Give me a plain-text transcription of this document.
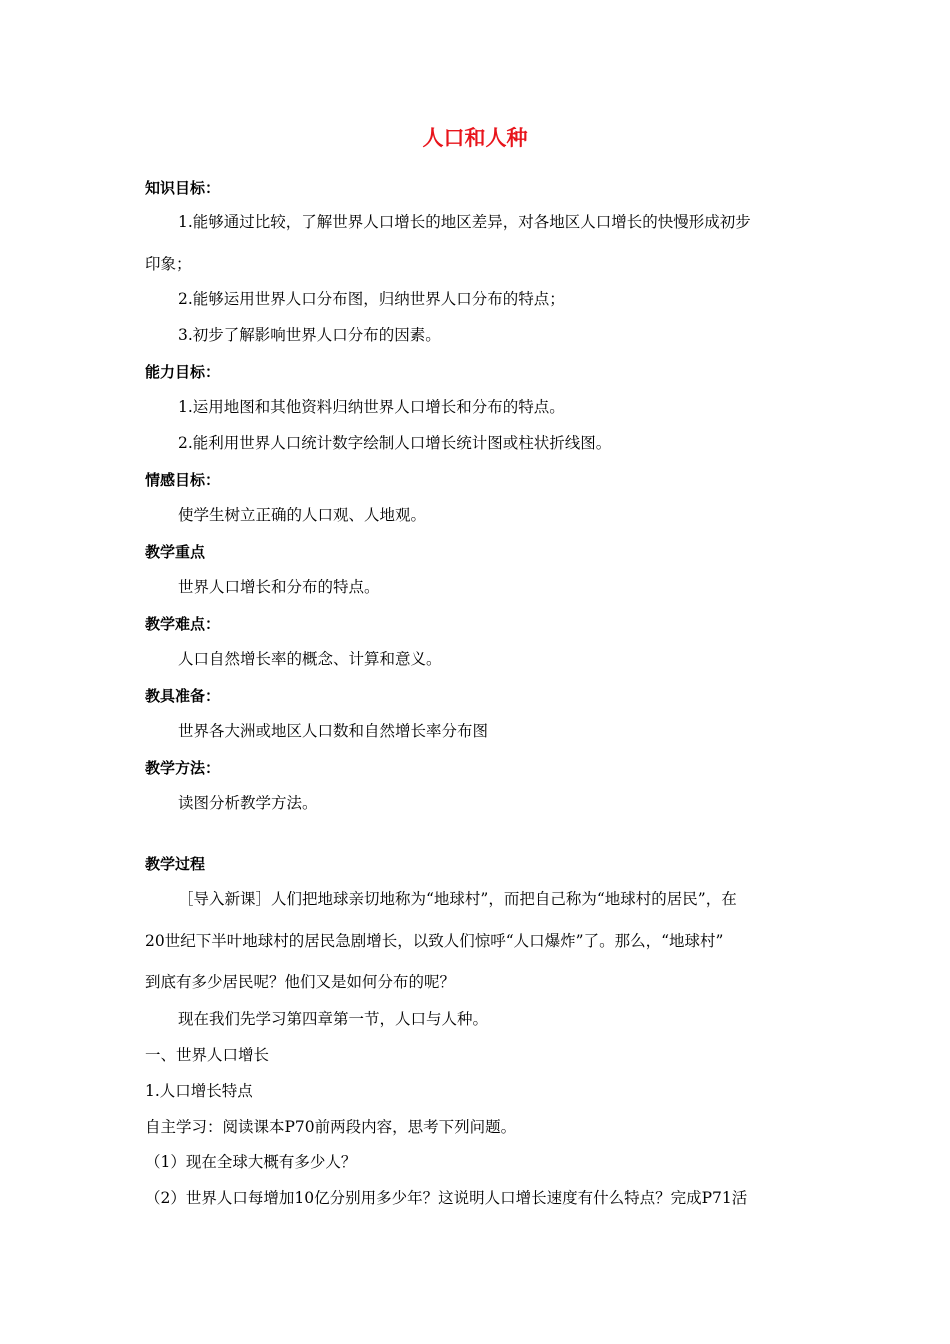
人口和人种
知识目标：
1.能够通过比较，了解世界人口增长的地区差异，对各地区人口增长的快慢形成初步
印象；
2.能够运用世界人口分布图，归纳世界人口分布的特点；
3.初步了解影响世界人口分布的因素。
能力目标：
1.运用地图和其他资料归纳世界人口增长和分布的特点。
2.能利用世界人口统计数字绘制人口增长统计图或柱状折线图。
情感目标：
使学生树立正确的人口观、人地观。
教学重点
世界人口增长和分布的特点。
教学难点：
人口自然增长率的概念、计算和意义。
教具准备：
世界各大洲或地区人口数和自然增长率分布图
教学方法：
读图分析教学方法。
教学过程
［导入新课］人们把地球亲切地称为“地球村”，而把自己称为“地球村的居民”，在
20世纪下半叶地球村的居民急剧增长，以致人们惊呼“人口爆炸”了。那么，“地球村”
到底有多少居民呢？他们又是如何分布的呢？
现在我们先学习第四章第一节，人口与人种。
一、世界人口增长
1.人口增长特点
自主学习：阅读课本P70前两段内容，思考下列问题。
（1）现在全球大概有多少人？
（2）世界人口每增加10亿分别用多少年？这说明人口增长速度有什么特点？完成P71活
